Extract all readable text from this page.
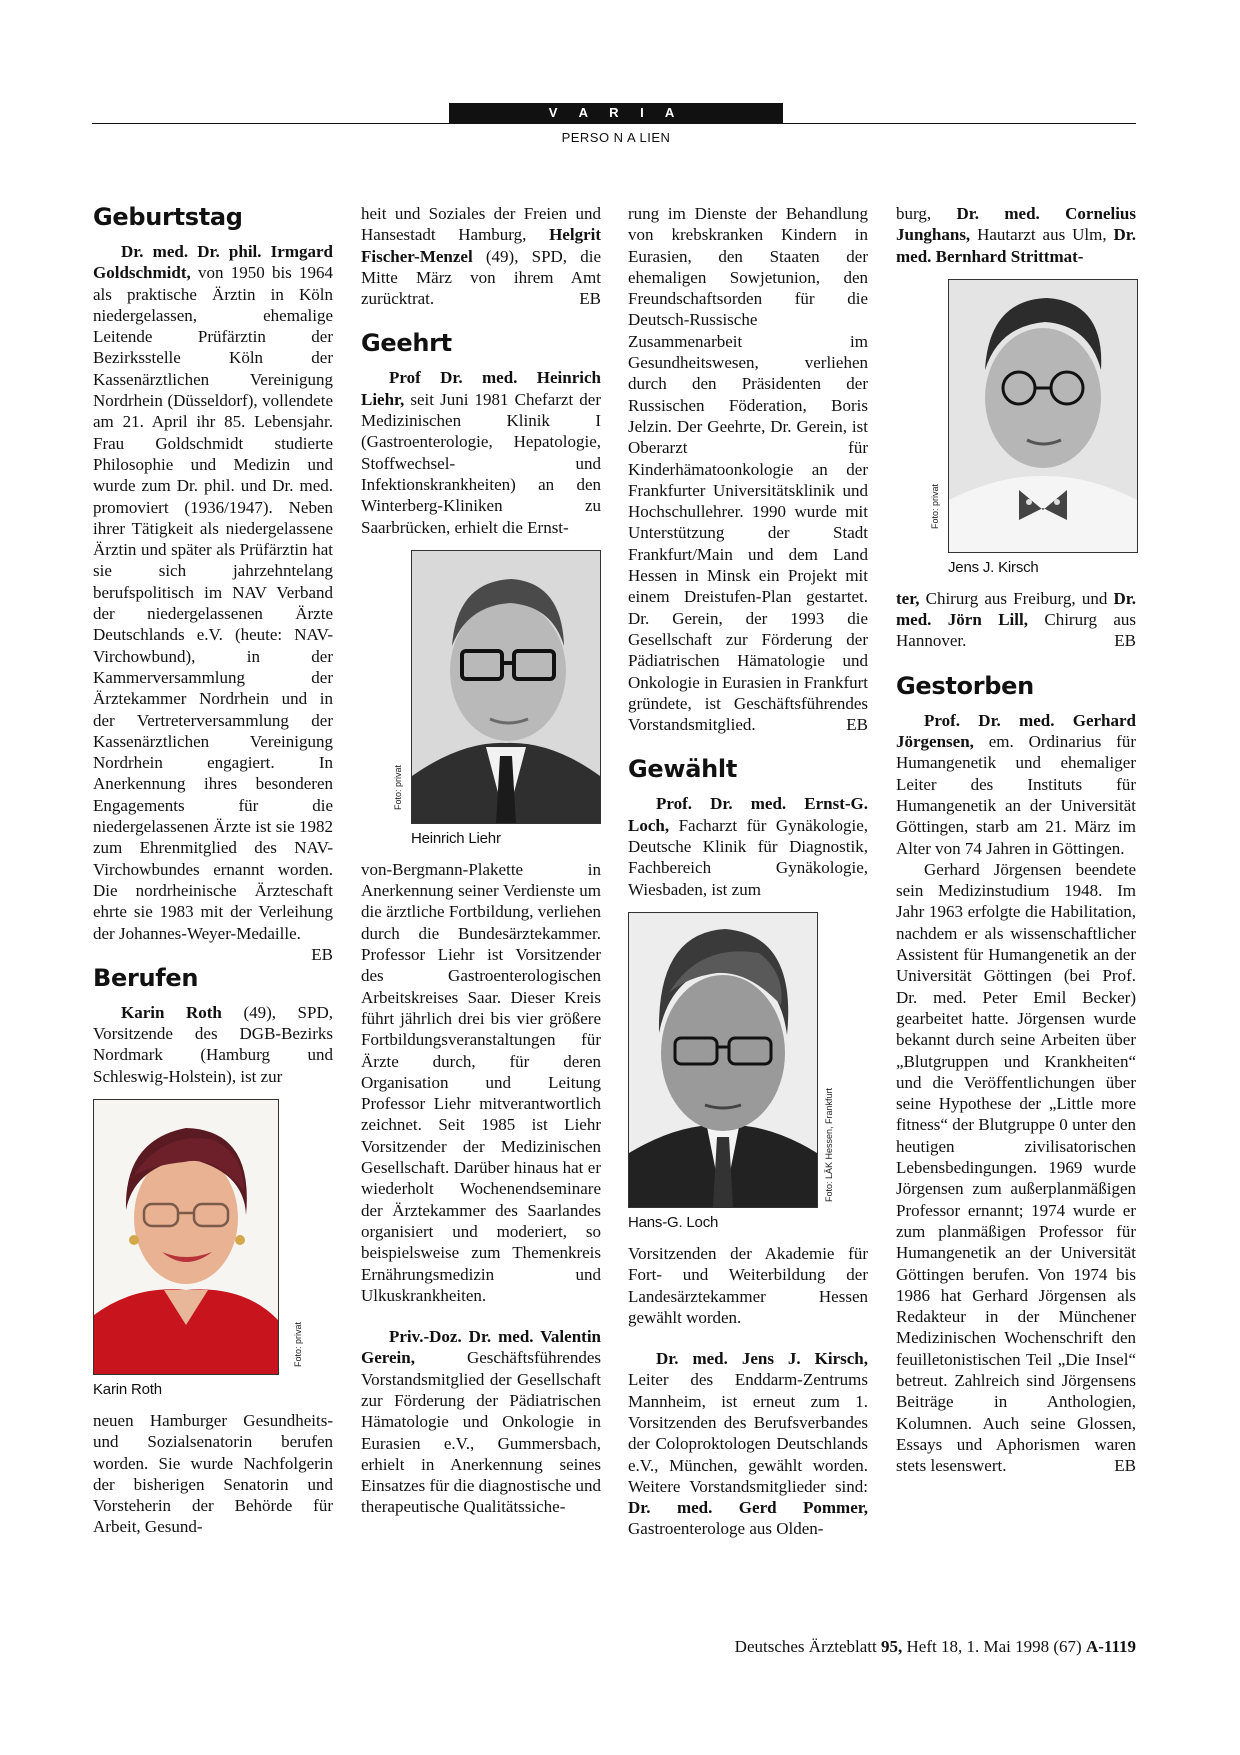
V A R I A
PERSO N A LIEN
Geburtstag

Dr. med. Dr. phil. Irmgard Goldschmidt, von 1950 bis 1964 als praktische Ärztin in Köln niedergelassen, ehemalige Leitende Prüfärztin der Bezirksstelle Köln der Kassenärztlichen Vereinigung Nordrhein (Düsseldorf), vollendete am 21. April ihr 85. Lebensjahr. Frau Goldschmidt studierte Philosophie und Medizin und wurde zum Dr. phil. und Dr. med. promoviert (1936/1947). Neben ihrer Tätigkeit als niedergelassene Ärztin und später als Prüfärztin hat sie sich jahrzehntelang berufspolitisch im NAV Verband der niedergelassenen Ärzte Deutschlands e.V. (heute: NAV-Virchowbund), in der Kammerversammlung der Ärztekammer Nordrhein und in der Vertreterversammlung der Kassenärztlichen Vereinigung Nordrhein engagiert. In Anerkennung ihres besonderen Engagements für die niedergelassenen Ärzte ist sie 1982 zum Ehrenmitglied des NAV-Virchowbundes ernannt worden. Die nordrheinische Ärzteschaft ehrte sie 1983 mit der Verleihung der Johannes-Weyer-Medaille.
EB

Berufen

Karin Roth (49), SPD, Vorsitzende des DGB-Bezirks Nordmark (Hamburg und Schleswig-Holstein), ist zur

Foto: privat
Karin Roth

neuen Hamburger Gesundheits- und Sozialsenatorin berufen worden. Sie wurde Nachfolgerin der bisherigen Senatorin und Vorsteherin der Behörde für Arbeit, Gesund-

heit und Soziales der Freien und Hansestadt Hamburg, Helgrit Fischer-Menzel (49), SPD, die Mitte März von ihrem Amt zurücktrat.	EB

Geehrt

Prof Dr. med. Heinrich Liehr, seit Juni 1981 Chefarzt der Medizinischen Klinik I (Gastroenterologie, Hepatologie, Stoffwechsel- und Infektionskrankheiten) an den Winterberg-Kliniken zu Saarbrücken, erhielt die Ernst-

Foto: privat
Heinrich Liehr

von-Bergmann-Plakette in Anerkennung seiner Verdienste um die ärztliche Fortbildung, verliehen durch die Bundesärztekammer. Professor Liehr ist Vorsitzender des Gastroenterologischen Arbeitskreises Saar. Dieser Kreis führt jährlich drei bis vier größere Fortbildungsveranstaltungen für Ärzte durch, für deren Organisation und Leitung Professor Liehr mitverantwortlich zeichnet. Seit 1985 ist Liehr Vorsitzender der Medizinischen Gesellschaft. Darüber hinaus hat er wiederholt Wochenendseminare der Ärztekammer des Saarlandes organisiert und moderiert, so beispielsweise zum Themenkreis Ernährungsmedizin und Ulkuskrankheiten.

Priv.-Doz. Dr. med. Valentin Gerein, Geschäftsführendes Vorstandsmitglied der Gesellschaft zur Förderung der Pädiatrischen Hämatologie und Onkologie in Eurasien e.V., Gummersbach, erhielt in Anerkennung seines Einsatzes für die diagnostische und therapeutische Qualitätssiche-

rung im Dienste der Behandlung von krebskranken Kindern in Eurasien, den Staaten der ehemaligen Sowjetunion, den Freundschaftsorden für die Deutsch-Russische Zusammenarbeit im Gesundheitswesen, verliehen durch den Präsidenten der Russischen Föderation, Boris Jelzin. Der Geehrte, Dr. Gerein, ist Oberarzt für Kinderhämatoonkologie an der Frankfurter Universitätsklinik und Hochschullehrer. 1990 wurde mit Unterstützung der Stadt Frankfurt/Main und dem Land Hessen in Minsk ein Projekt mit einem Dreistufen-Plan gestartet. Dr. Gerein, der 1993 die Gesellschaft zur Förderung der Pädiatrischen Hämatologie und Onkologie in Eurasien in Frankfurt gründete, ist Geschäftsführendes Vorstandsmitglied.	EB

Gewählt

Prof. Dr. med. Ernst-G. Loch, Facharzt für Gynäkologie, Deutsche Klinik für Diagnostik, Fachbereich Gynäkologie, Wiesbaden, ist zum

Foto: LÄK Hessen, Frankfurt
Hans-G. Loch

Vorsitzenden der Akademie für Fort- und Weiterbildung der Landesärztekammer Hessen gewählt worden.

Dr. med. Jens J. Kirsch, Leiter des Enddarm-Zentrums Mannheim, ist erneut zum 1. Vorsitzenden des Berufsverbandes der Coloproktologen Deutschlands e.V., München, gewählt worden. Weitere Vorstandsmitglieder sind: Dr. med. Gerd Pommer, Gastroenterologe aus Olden-

burg, Dr. med. Cornelius Junghans, Hautarzt aus Ulm, Dr. med. Bernhard Strittmat-

Foto: privat
Jens J. Kirsch

ter, Chirurg aus Freiburg, und Dr. med. Jörn Lill, Chirurg aus Hannover.	EB

Gestorben

Prof. Dr. med. Gerhard Jörgensen, em. Ordinarius für Humangenetik und ehemaliger Leiter des Instituts für Humangenetik an der Universität Göttingen, starb am 21. März im Alter von 74 Jahren in Göttingen.

Gerhard Jörgensen beendete sein Medizinstudium 1948. Im Jahr 1963 erfolgte die Habilitation, nachdem er als wissenschaftlicher Assistent für Humangenetik an der Universität Göttingen (bei Prof. Dr. med. Peter Emil Becker) gearbeitet hatte. Jörgensen wurde bekannt durch seine Arbeiten über „Blutgruppen und Krankheiten“ und die Veröffentlichungen über seine Hypothese der „Little more fitness“ der Blutgruppe 0 unter den heutigen zivilisatorischen Lebensbedingungen. 1969 wurde Jörgensen zum außerplanmäßigen Professor ernannt; 1974 wurde er zum planmäßigen Professor für Humangenetik an der Universität Göttingen berufen. Von 1974 bis 1986 hat Gerhard Jörgensen als Redakteur in der Münchener Medizinischen Wochenschrift den feuilletonistischen Teil „Die Insel“ betreut. Zahlreich sind Jörgensens Beiträge in Anthologien, Kolumnen. Auch seine Glossen, Essays und Aphorismen waren stets lesenswert.	EB

Deutsches Ärzteblatt 95, Heft 18, 1. Mai 1998 (67) A-1119
